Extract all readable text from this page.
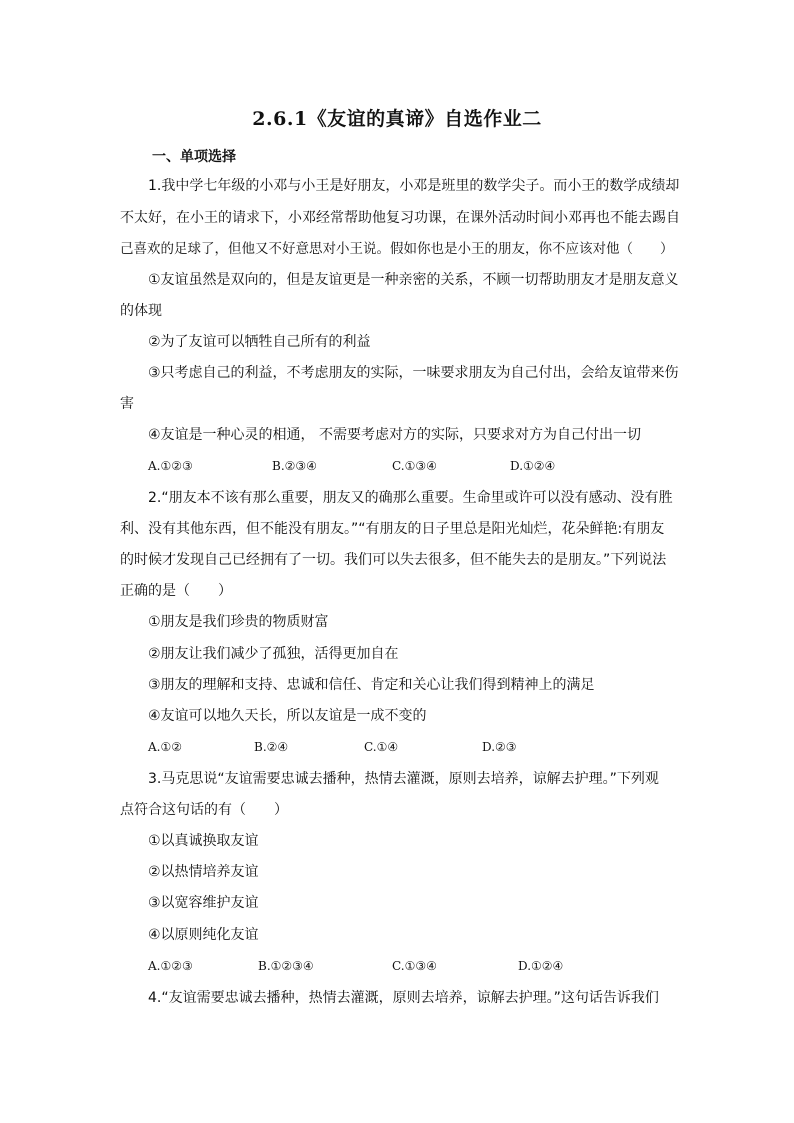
2.6.1《友谊的真谛》自选作业二
一、单项选择
1.我中学七年级的小邓与小王是好朋友，小邓是班里的数学尖子。而小王的数学成绩却
不太好，在小王的请求下，小邓经常帮助他复习功课，在课外活动时间小邓再也不能去踢自
己喜欢的足球了，但他又不好意思对小王说。假如你也是小王的朋友，你不应该对他（　　）
①友谊虽然是双向的，但是友谊更是一种亲密的关系，不顾一切帮助朋友才是朋友意义
的体现
②为了友谊可以牺牲自己所有的利益
③只考虑自己的利益，不考虑朋友的实际，一味要求朋友为自己付出，会给友谊带来伤
害
④友谊是一种心灵的相通， 不需要考虑对方的实际，只要求对方为自己付出一切
A.①②③	B.②③④	C.①③④	D.①②④
2.“朋友本不该有那么重要，朋友又的确那么重要。生命里或许可以没有感动、没有胜
利、没有其他东西，但不能没有朋友。”“有朋友的日子里总是阳光灿烂，花朵鲜艳:有朋友
的时候才发现自己已经拥有了一切。我们可以失去很多，但不能失去的是朋友。”下列说法
正确的是（　　）
①朋友是我们珍贵的物质财富
②朋友让我们减少了孤独，活得更加自在
③朋友的理解和支持、忠诚和信任、肯定和关心让我们得到精神上的满足
④友谊可以地久天长，所以友谊是一成不变的
A.①②	B.②④	C.①④	D.②③
3.马克思说“友谊需要忠诚去播种，热情去灌溉，原则去培养，谅解去护理。”下列观
点符合这句话的有（　　）
①以真诚换取友谊
②以热情培养友谊
③以宽容维护友谊
④以原则纯化友谊
A.①②③	B.①②③④	C.①③④	D.①②④
4.“友谊需要忠诚去播种，热情去灌溉，原则去培养，谅解去护理。”这句话告诉我们
